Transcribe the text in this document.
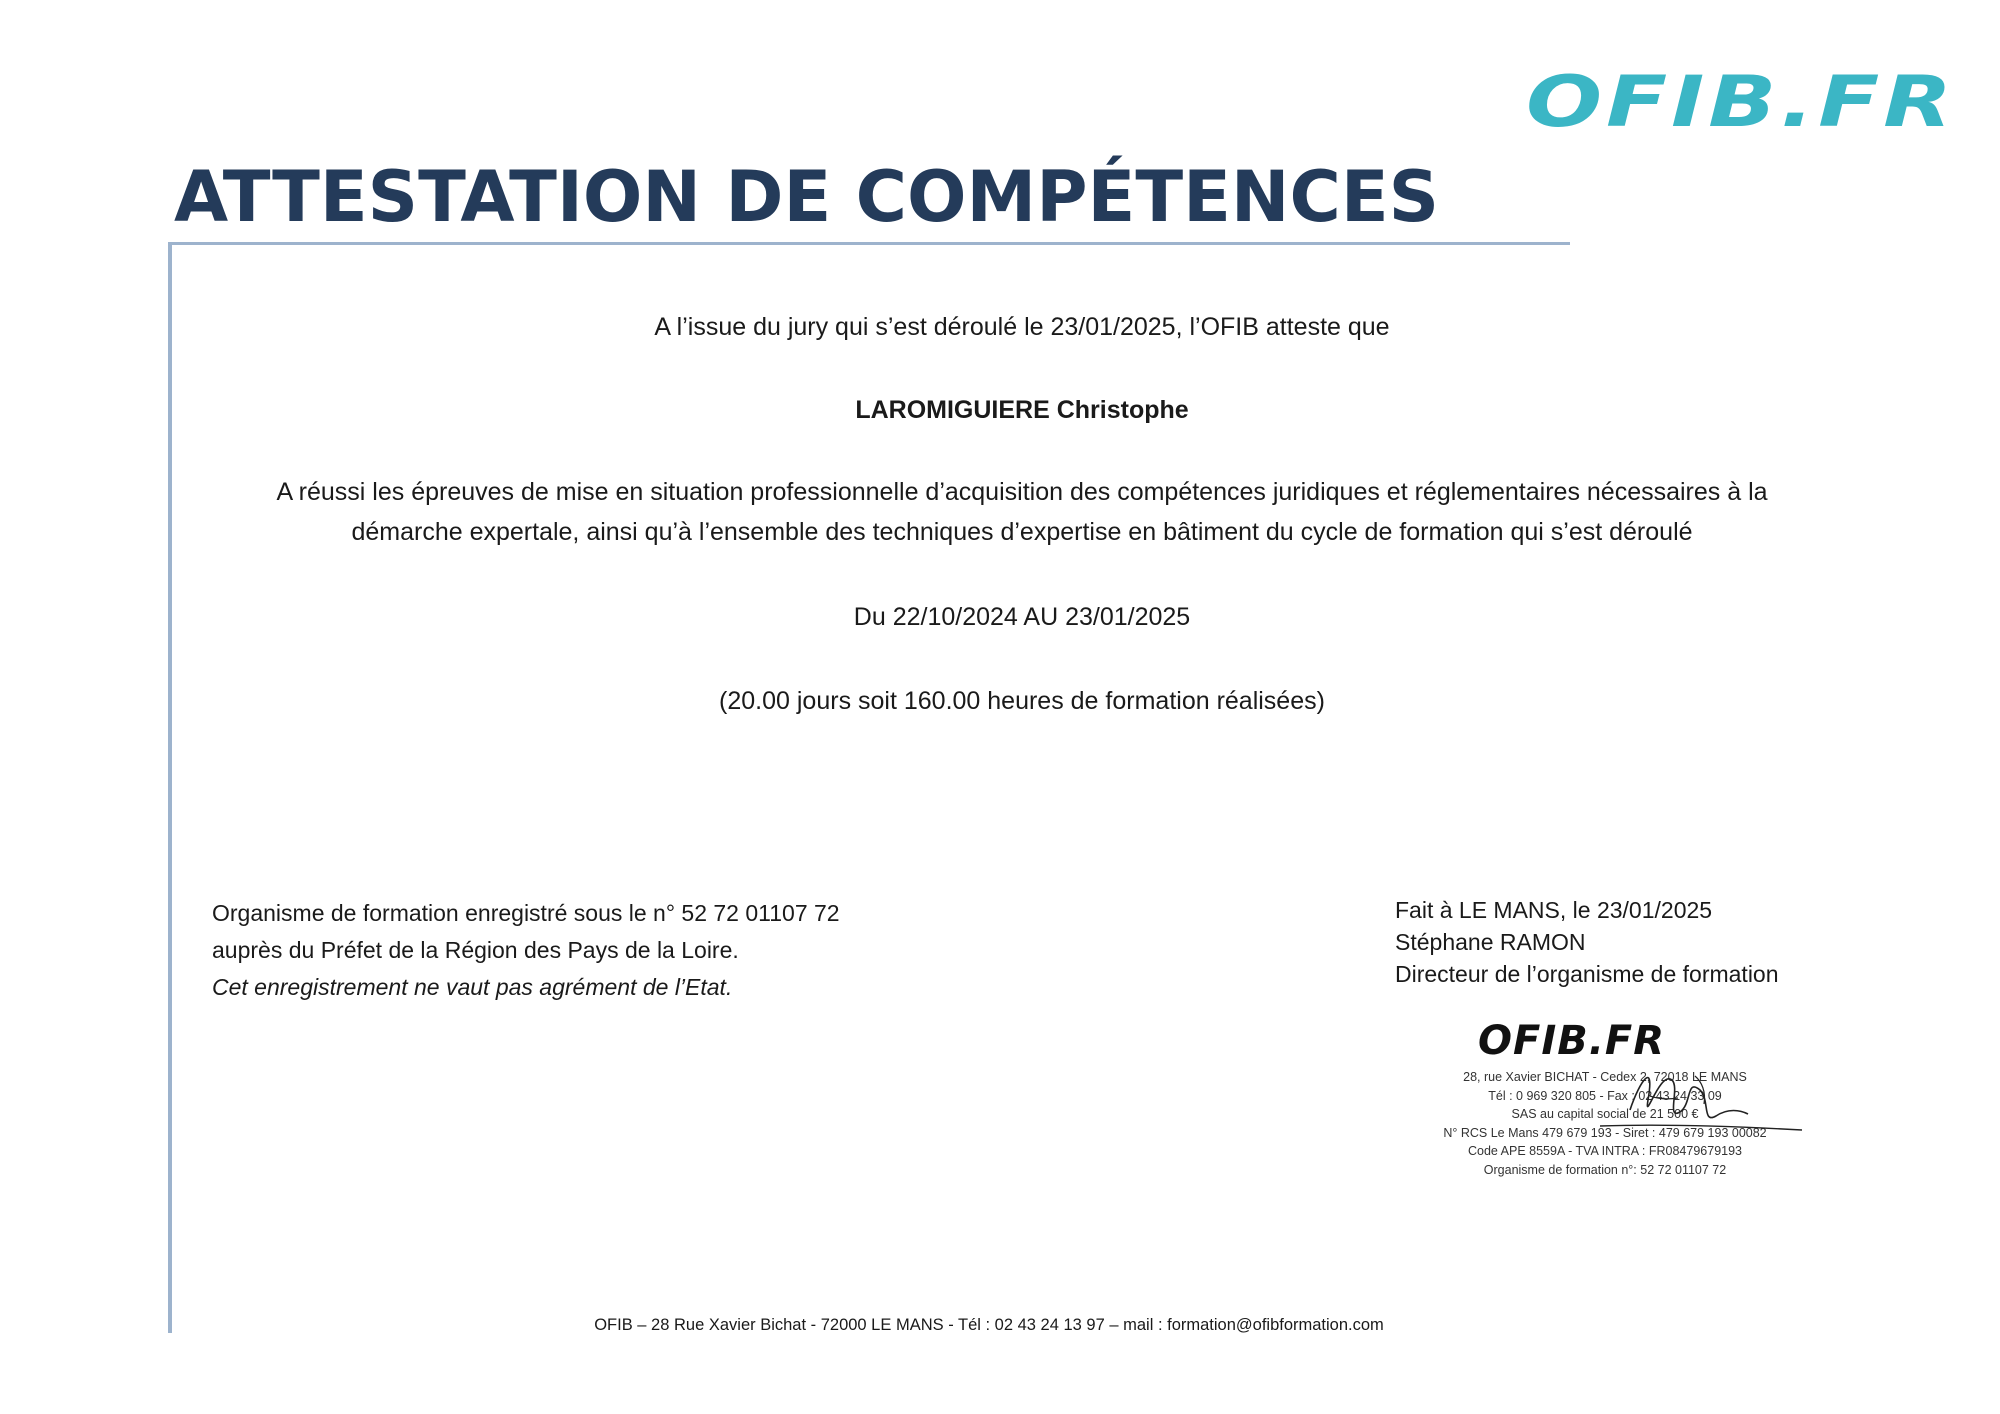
OFIB.FR
ATTESTATION DE COMPÉTENCES
A l’issue du jury qui s’est déroulé le 23/01/2025, l’OFIB atteste que
LAROMIGUIERE Christophe
A réussi les épreuves de mise en situation professionnelle d’acquisition des compétences juridiques et réglementaires nécessaires à la démarche expertale, ainsi qu’à l’ensemble des techniques d’expertise en bâtiment du cycle de formation qui s’est déroulé
Du 22/10/2024 AU 23/01/2025
(20.00 jours soit 160.00 heures de formation réalisées)
Organisme de formation enregistré sous le n° 52 72 01107 72
auprès du Préfet de la Région des Pays de la Loire.
Cet enregistrement ne vaut pas agrément de l’Etat.
Fait à LE MANS, le 23/01/2025
Stéphane RAMON
Directeur de l’organisme de formation
OFIB.FR
28, rue Xavier BICHAT - Cedex 2, 72018 LE MANS
Tél : 0 969 320 805 - Fax : 02 43 24 33 09
SAS au capital social de 21 500 €
N° RCS Le Mans 479 679 193 - Siret : 479 679 193 00082
Code APE 8559A - TVA INTRA : FR08479679193
Organisme de formation n°: 52 72 01107 72
OFIB – 28 Rue Xavier Bichat - 72000 LE MANS - Tél : 02 43 24 13 97 – mail : formation@ofibformation.com
